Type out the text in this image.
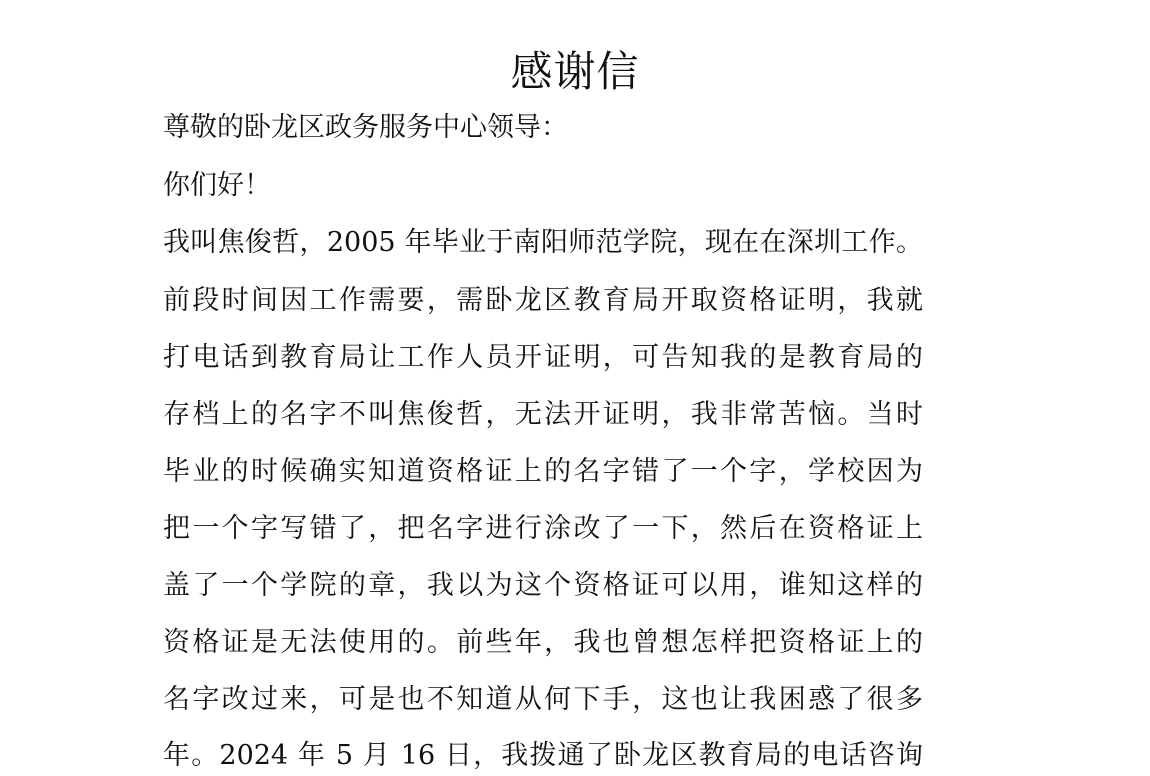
感谢信
尊敬的卧龙区政务服务中心领导：
你们好！
我叫焦俊哲，2005 年毕业于南阳师范学院，现在在深圳工作。
前段时间因工作需要，需卧龙区教育局开取资格证明，我就
打电话到教育局让工作人员开证明，可告知我的是教育局的
存档上的名字不叫焦俊哲，无法开证明，我非常苦恼。当时
毕业的时候确实知道资格证上的名字错了一个字，学校因为
把一个字写错了，把名字进行涂改了一下，然后在资格证上
盖了一个学院的章，我以为这个资格证可以用，谁知这样的
资格证是无法使用的。前些年，我也曾想怎样把资格证上的
名字改过来，可是也不知道从何下手，这也让我困惑了很多
年。2024 年 5 月 16 日，我拨通了卧龙区教育局的电话咨询
